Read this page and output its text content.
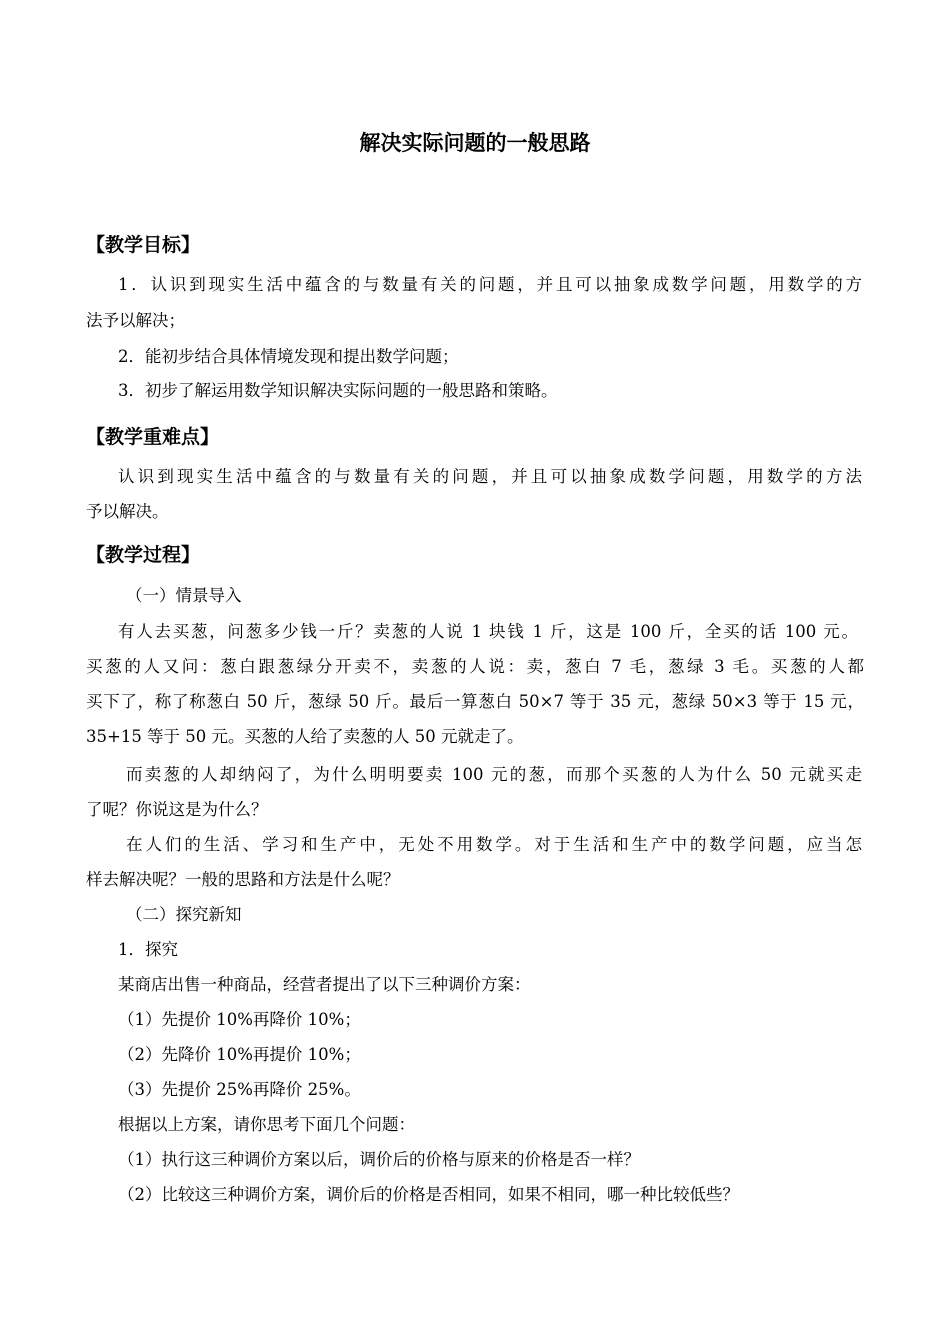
解决实际问题的一般思路
【教学目标】
1．认识到现实生活中蕴含的与数量有关的问题，并且可以抽象成数学问题，用数学的方
法予以解决；
2．能初步结合具体情境发现和提出数学问题；
3．初步了解运用数学知识解决实际问题的一般思路和策略。
【教学重难点】
认识到现实生活中蕴含的与数量有关的问题，并且可以抽象成数学问题，用数学的方法
予以解决。
【教学过程】
（一）情景导入
有人去买葱，问葱多少钱一斤？卖葱的人说 1 块钱 1 斤，这是 100 斤，全买的话 100 元。
买葱的人又问：葱白跟葱绿分开卖不，卖葱的人说：卖，葱白 7 毛，葱绿 3 毛。买葱的人都
买下了，称了称葱白 50 斤，葱绿 50 斤。最后一算葱白 50×7 等于 35 元，葱绿 50×3 等于 15 元，
35+15 等于 50 元。买葱的人给了卖葱的人 50 元就走了。
而卖葱的人却纳闷了，为什么明明要卖 100 元的葱，而那个买葱的人为什么 50 元就买走
了呢？你说这是为什么？
在人们的生活、学习和生产中，无处不用数学。对于生活和生产中的数学问题，应当怎
样去解决呢？一般的思路和方法是什么呢？
（二）探究新知
1．探究
某商店出售一种商品，经营者提出了以下三种调价方案：
（1）先提价 10%再降价 10%；
（2）先降价 10%再提价 10%；
（3）先提价 25%再降价 25%。
根据以上方案，请你思考下面几个问题：
（1）执行这三种调价方案以后，调价后的价格与原来的价格是否一样？
（2）比较这三种调价方案，调价后的价格是否相同，如果不相同，哪一种比较低些？
